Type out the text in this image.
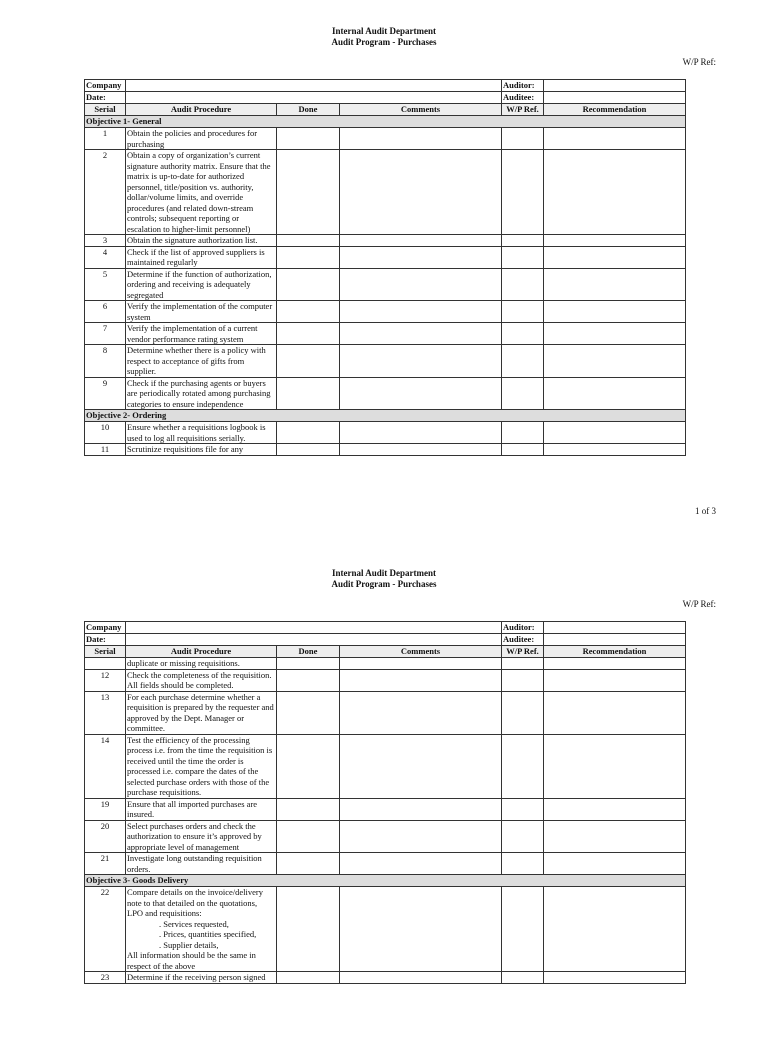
Internal Audit Department
Audit Program - Purchases
W/P Ref:
Company				Auditor:	
Date:				Auditee:	
Serial	Audit Procedure	Done	Comments	W/P Ref.	Recommendation
Objective 1- General					
1	Obtain the policies and procedures for purchasing				
2	Obtain a copy of organization’s current signature authority matrix. Ensure that the matrix is up-to-date for authorized personnel, title/position vs. authority, dollar/volume limits, and override procedures (and related down-stream controls; subsequent reporting or escalation to higher-limit personnel)				
3	Obtain the signature authorization list.				
4	Check if the list of approved suppliers is maintained regularly				
5	Determine if the function of authorization, ordering and receiving is adequately segregated				
6	Verify the implementation of the computer system				
7	Verify the implementation of a current vendor performance rating system				
8	Determine whether there is a policy with respect to acceptance of gifts from supplier.				
9	Check if the purchasing agents or buyers are periodically rotated among purchasing categories to ensure independence				
Objective 2- Ordering					
10	Ensure whether a requisitions logbook is used to log all requisitions serially.				
11	Scrutinize requisitions file for any				
1 of 3
Internal Audit Department
Audit Program - Purchases
W/P Ref:
Company				Auditor:	
Date:				Auditee:	
Serial	Audit Procedure	Done	Comments	W/P Ref.	Recommendation
	duplicate or missing requisitions.				
12	Check the completeness of the requisition. All fields should be completed.				
13	For each purchase determine whether a requisition is prepared by the requester and approved by the Dept. Manager or committee.				
14	Test the efficiency of the processing process i.e. from the time the requisition is received until the time the order is processed i.e. compare the dates of the selected purchase orders with those of the purchase requisitions.				
19	Ensure that all imported purchases are insured.				
20	Select purchases orders and check the authorization to ensure it’s approved by appropriate level of management				
21	Investigate long outstanding requisition orders.				
Objective 3- Goods Delivery					
22	Compare details on the invoice/delivery note to that detailed on the quotations, LPO and requisitions:
. Services requested,
. Prices, quantities specified,
. Supplier details,
All information should be the same in respect of the above				
23	Determine if the receiving person signed				
